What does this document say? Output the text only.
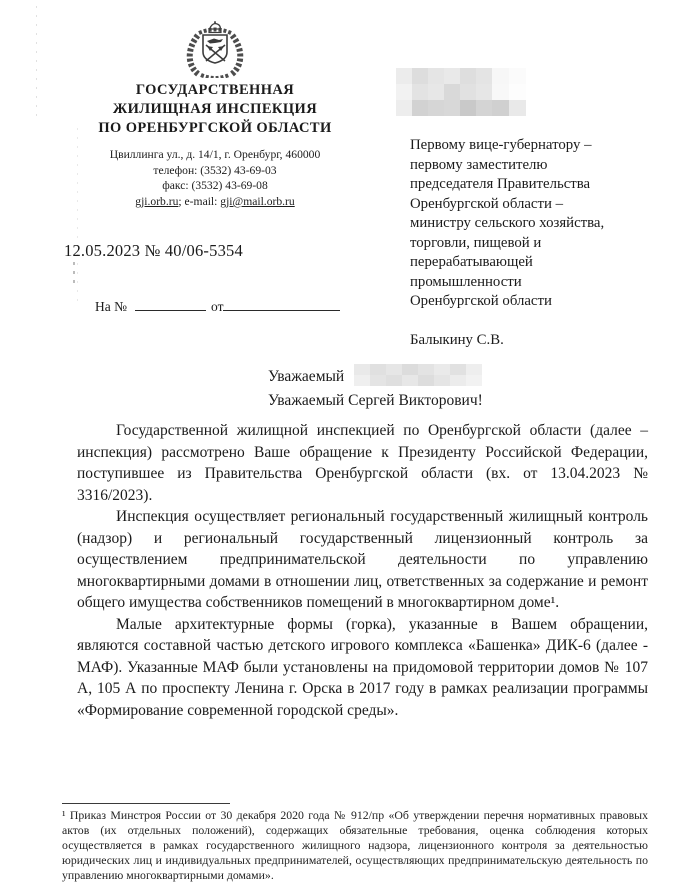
ГОСУДАРСТВЕННАЯ
ЖИЛИЩНАЯ ИНСПЕКЦИЯ
ПО ОРЕНБУРГСКОЙ ОБЛАСТИ
Цвиллинга ул., д. 14/1, г. Оренбург, 460000
телефон: (3532) 43-69-03
факс: (3532) 43-69-08
gji.orb.ru; e-mail: gji@mail.orb.ru
12.05.2023 № 40/06-5354
На №	от
Первому вице-губернатору –
первому заместителю
председателя Правительства
Оренбургской области –
министру сельского хозяйства,
торговли, пищевой и
перерабатывающей
промышленности
Оренбургской области
Балыкину С.В.
Уважаемый
Уважаемый Сергей Викторович!

Государственной жилищной инспекцией по Оренбургской области (далее – инспекция) рассмотрено Ваше обращение к Президенту Российской Федерации, поступившее из Правительства Оренбургской области (вх. от 13.04.2023 № 3316/2023).

Инспекция осуществляет региональный государственный жилищный контроль (надзор) и региональный государственный лицензионный контроль за осуществлением предпринимательской деятельности по управлению многоквартирными домами в отношении лиц, ответственных за содержание и ремонт общего имущества собственников помещений в многоквартирном доме¹.

Малые архитектурные формы (горка), указанные в Вашем обращении, являются составной частью детского игрового комплекса «Башенка» ДИК-6 (далее - МАФ). Указанные МАФ были установлены на придомовой территории домов № 107 А, 105 А по проспекту Ленина г. Орска в 2017 году в рамках реализации программы «Формирование современной городской среды».

¹ Приказ Минстроя России от 30 декабря 2020 года № 912/пр «Об утверждении перечня нормативных правовых актов (их отдельных положений), содержащих обязательные требования, оценка соблюдения которых осуществляется в рамках государственного жилищного надзора, лицензионного контроля за деятельностью юридических лиц и индивидуальных предпринимателей, осуществляющих предпринимательскую деятельность по управлению многоквартирными домами».
